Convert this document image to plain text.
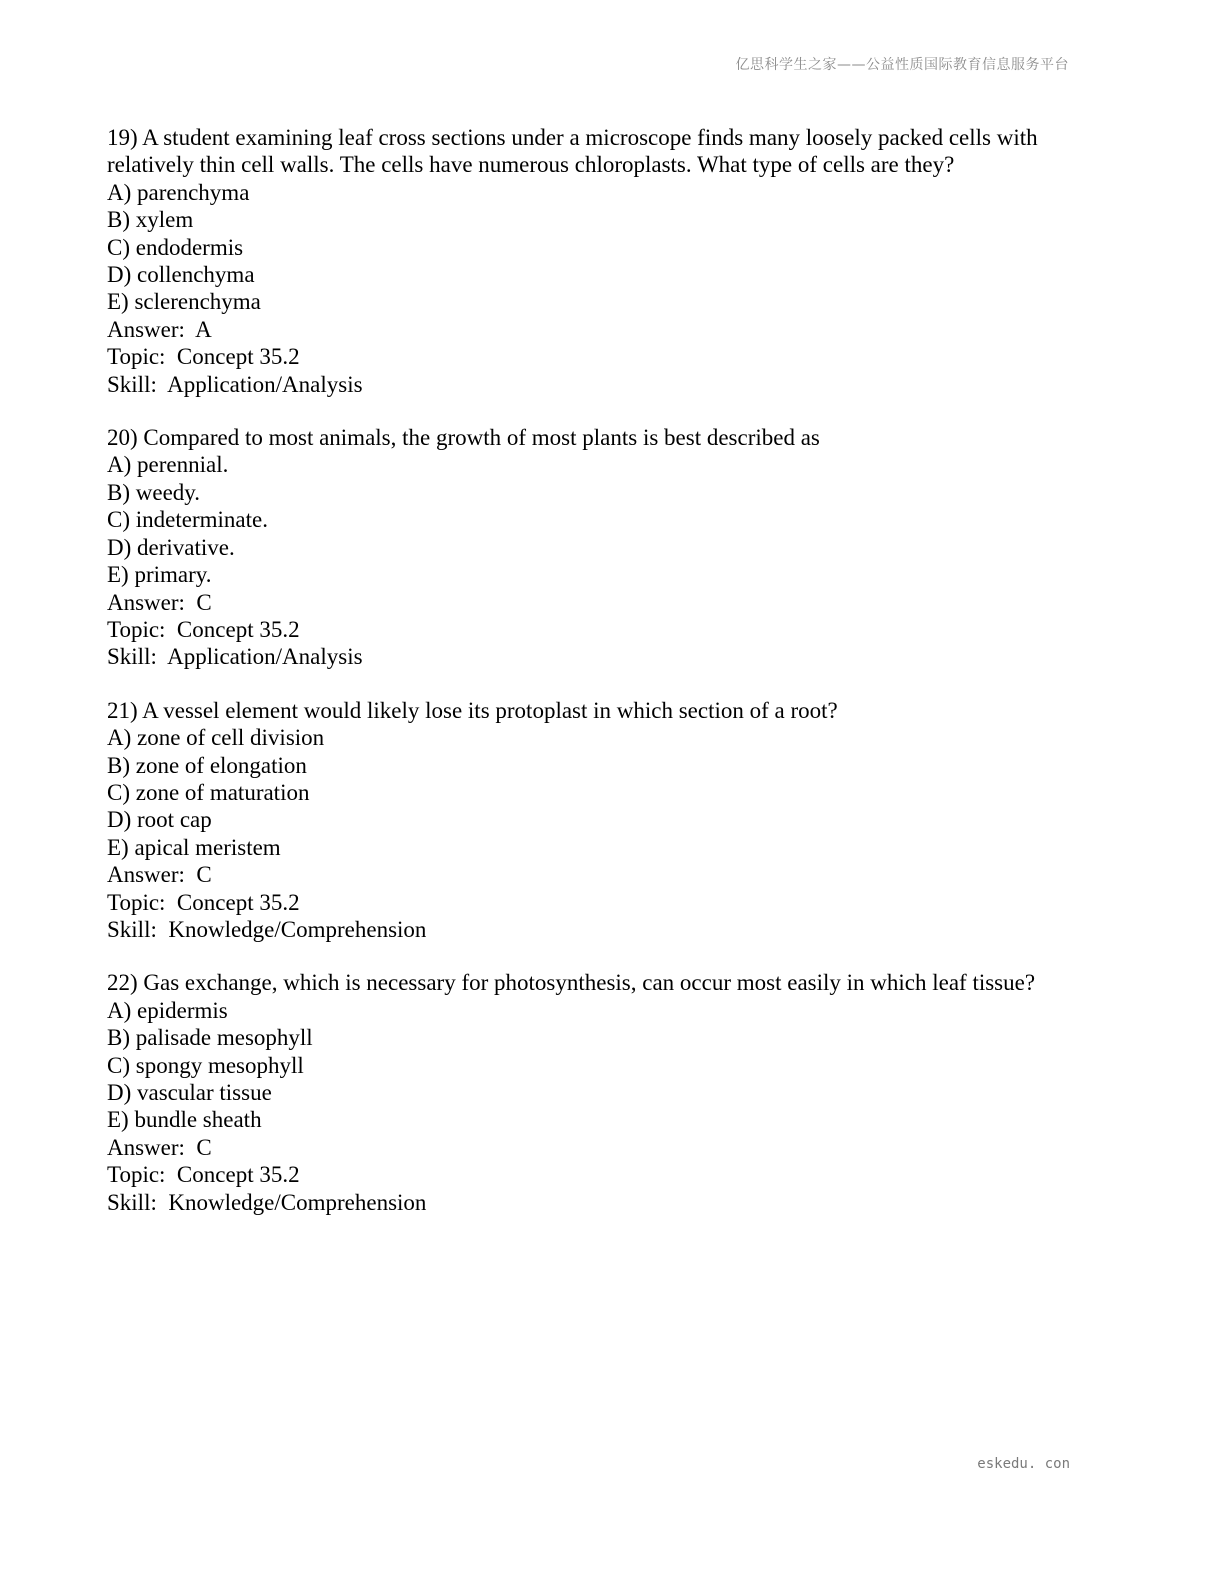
亿思科学生之家——公益性质国际教育信息服务平台
19) A student examining leaf cross sections under a microscope finds many loosely packed cells with relatively thin cell walls. The cells have numerous chloroplasts. What type of cells are they?
A) parenchyma
B) xylem
C) endodermis
D) collenchyma
E) sclerenchyma
Answer:  A
Topic:  Concept 35.2
Skill:  Application/Analysis
20) Compared to most animals, the growth of most plants is best described as
A) perennial.
B) weedy.
C) indeterminate.
D) derivative.
E) primary.
Answer:  C
Topic:  Concept 35.2
Skill:  Application/Analysis
21) A vessel element would likely lose its protoplast in which section of a root?
A) zone of cell division
B) zone of elongation
C) zone of maturation
D) root cap
E) apical meristem
Answer:  C
Topic:  Concept 35.2
Skill:  Knowledge/Comprehension
22) Gas exchange, which is necessary for photosynthesis, can occur most easily in which leaf tissue?
A) epidermis
B) palisade mesophyll
C) spongy mesophyll
D) vascular tissue
E) bundle sheath
Answer:  C
Topic:  Concept 35.2
Skill:  Knowledge/Comprehension
eskedu. con
